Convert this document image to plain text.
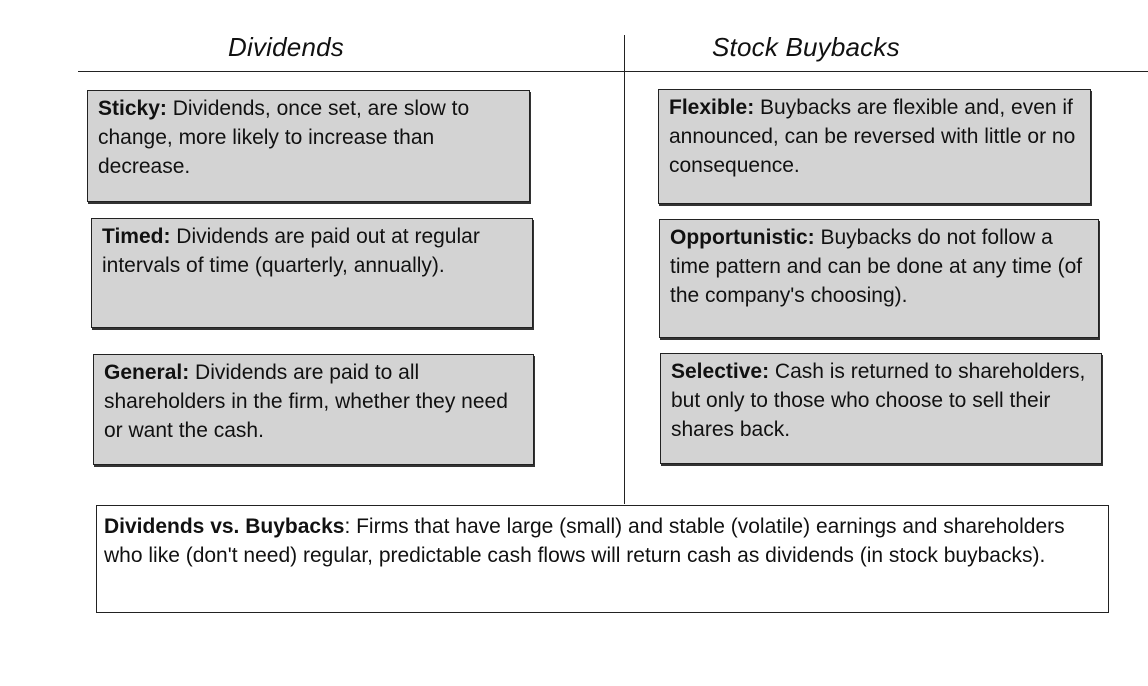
Dividends	Stock Buybacks
Sticky: Dividends, once set, are slow to change, more likely to increase than decrease.
Timed: Dividends are paid out at regular intervals of time (quarterly, annually).
General: Dividends are paid to all shareholders in the firm, whether they need or want the cash.
Flexible: Buybacks are flexible and, even if announced, can be reversed with little or no consequence.
Opportunistic: Buybacks do not follow a time pattern and can be done at any time (of the company's choosing).
Selective: Cash is returned to shareholders, but only to those who choose to sell their shares back.
Dividends vs. Buybacks: Firms that have large (small) and stable (volatile) earnings and shareholders who like (don't need) regular, predictable cash flows will return cash as dividends (in stock buybacks).
